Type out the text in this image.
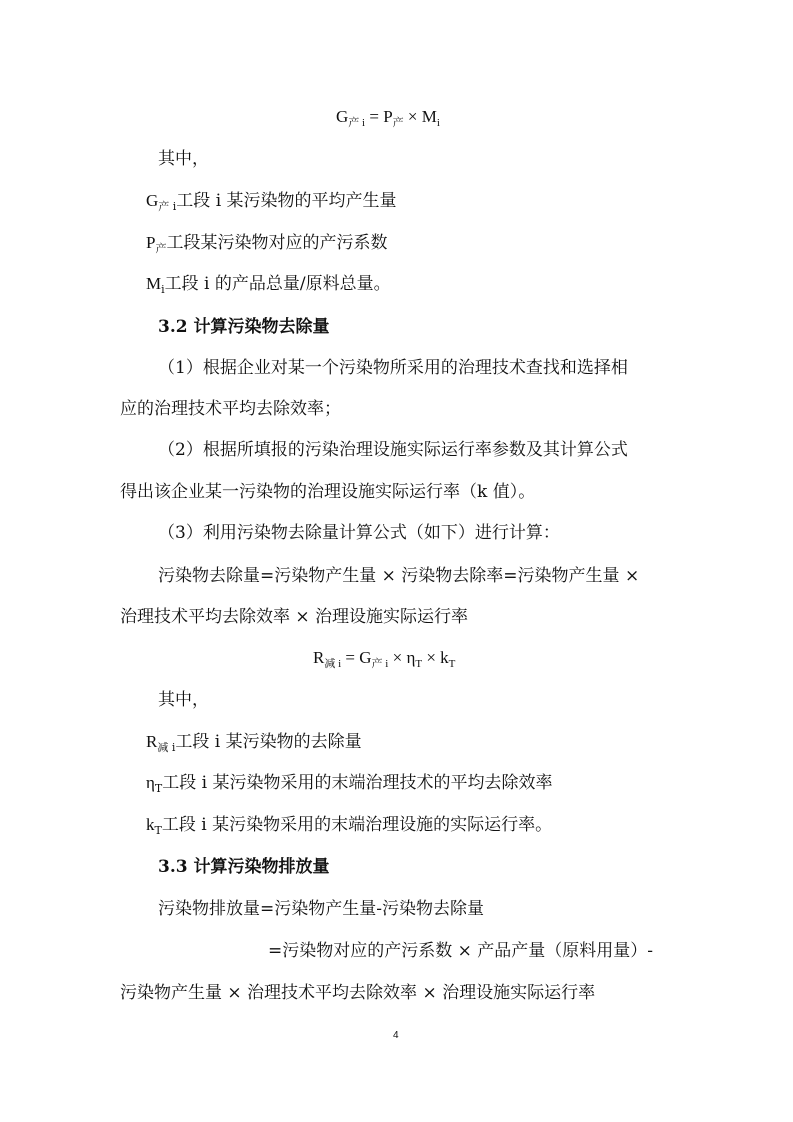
$G_{产 i} = P_产 \times M_i$
其中，
$G_{产 i}$工段 i 某污染物的平均产生量
$P_产$工段某污染物对应的产污系数
$M_i$工段 i 的产品总量/原料总量。
3.2 计算污染物去除量
（1）根据企业对某一个污染物所采用的治理技术查找和选择相
应的治理技术平均去除效率；
（2）根据所填报的污染治理设施实际运行率参数及其计算公式
得出该企业某一污染物的治理设施实际运行率（k 值）。
（3）利用污染物去除量计算公式（如下）进行计算：
污染物去除量=污染物产生量 × 污染物去除率=污染物产生量 ×
治理技术平均去除效率 × 治理设施实际运行率
$R_{减 i} = G_{产 i} \times \eta_T \times k_T$
其中，
$R_{减 i}$工段 i 某污染物的去除量
$\eta_T$工段 i 某污染物采用的末端治理技术的平均去除效率
$k_T$工段 i 某污染物采用的末端治理设施的实际运行率。
3.3 计算污染物排放量
污染物排放量=污染物产生量-污染物去除量
=污染物对应的产污系数 × 产品产量（原料用量）-
污染物产生量 × 治理技术平均去除效率 × 治理设施实际运行率
4
